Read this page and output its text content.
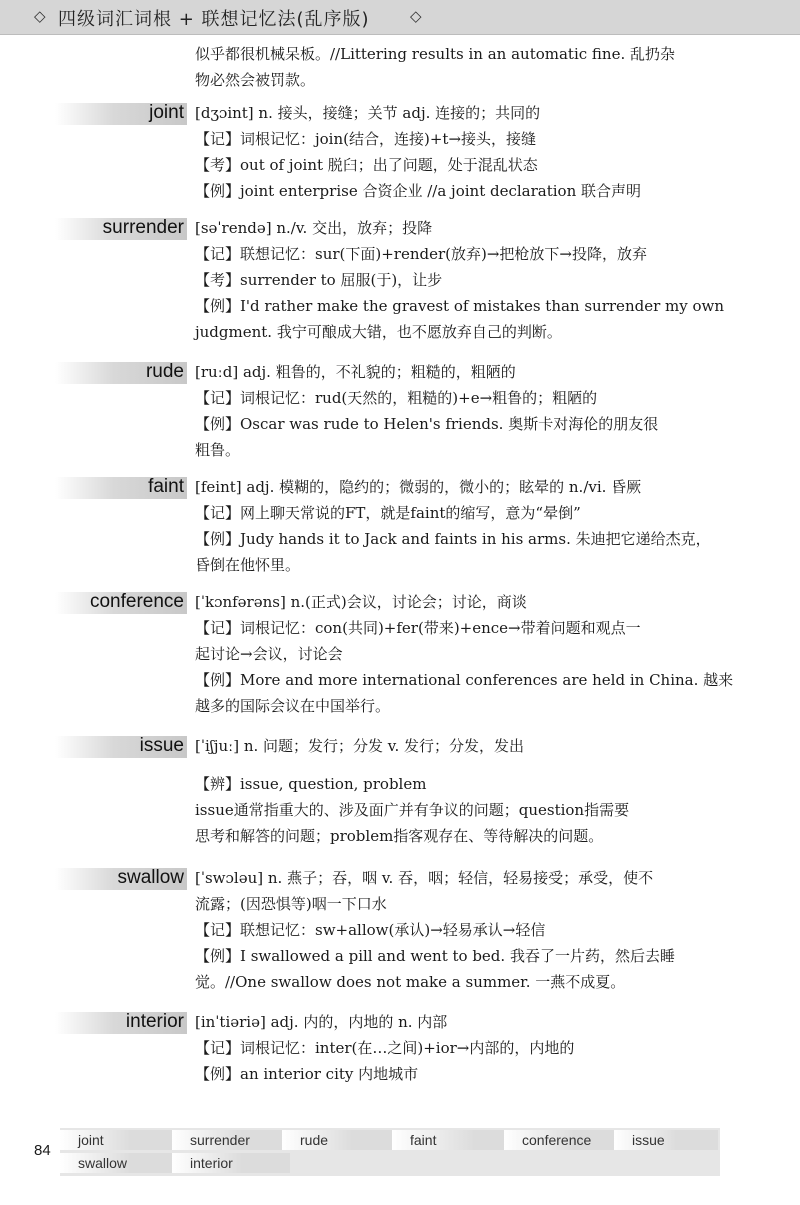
◇ 四级词汇词根 + 联想记忆法(乱序版)	◇
似乎都很机械呆板。//Littering results in an automatic fine. 乱扔杂
物必然会被罚款。
joint [dʒɔint] n. 接头，接缝；关节 adj. 连接的；共同的
【记】词根记忆：join(结合，连接)+t→接头，接缝
【考】out of joint 脱臼；出了问题，处于混乱状态
【例】joint enterprise 合资企业 //a joint declaration 联合声明
surrender [səˈrendə] n./v. 交出，放弃；投降
【记】联想记忆：sur(下面)+render(放弃)→把枪放下→投降，放弃
【考】surrender to 屈服(于)，让步
【例】I'd rather make the gravest of mistakes than surrender my own
judgment. 我宁可酿成大错，也不愿放弃自己的判断。
rude [ruːd] adj. 粗鲁的，不礼貌的；粗糙的，粗陋的
【记】词根记忆：rud(天然的，粗糙的)+e→粗鲁的；粗陋的
【例】Oscar was rude to Helen's friends. 奥斯卡对海伦的朋友很
粗鲁。
faint [feint] adj. 模糊的，隐约的；微弱的，微小的；眩晕的 n./vi. 昏厥
【记】网上聊天常说的FT，就是faint的缩写，意为“晕倒”
【例】Judy hands it to Jack and faints in his arms. 朱迪把它递给杰克，
昏倒在他怀里。
conference [ˈkɔnfərəns] n.(正式)会议，讨论会；讨论，商谈
【记】词根记忆：con(共同)+fer(带来)+ence→带着问题和观点一
起讨论→会议，讨论会
【例】More and more international conferences are held in China. 越来
越多的国际会议在中国举行。
issue [ˈiʃjuː] n. 问题；发行；分发 v. 发行；分发，发出
【辨】issue, question, problem
issue通常指重大的、涉及面广并有争议的问题；question指需要
思考和解答的问题；problem指客观存在、等待解决的问题。
swallow [ˈswɔləu] n. 燕子；吞，咽 v. 吞，咽；轻信，轻易接受；承受，使不
流露；(因恐惧等)咽一下口水
【记】联想记忆：sw+allow(承认)→轻易承认→轻信
【例】I swallowed a pill and went to bed. 我吞了一片药，然后去睡
觉。//One swallow does not make a summer. 一燕不成夏。
interior [inˈtiəriə] adj. 内的，内地的 n. 内部
【记】词根记忆：inter(在…之间)+ior→内部的，内地的
【例】an interior city 内地城市
84
joint	surrender	rude	faint	conference	issue
swallow	interior
